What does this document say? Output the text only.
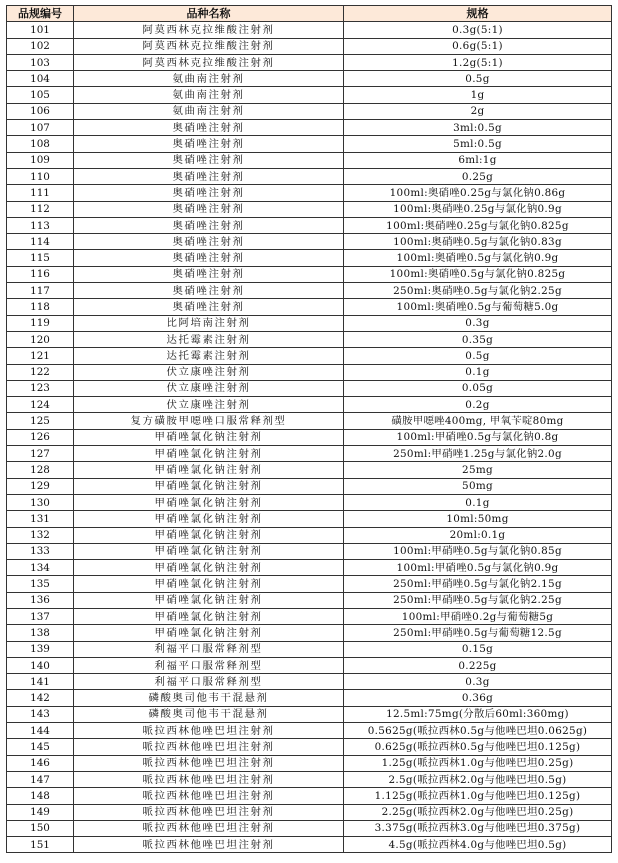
品规编号	品种名称	规格
101	阿莫西林克拉维酸注射剂	0.3g(5:1)
102	阿莫西林克拉维酸注射剂	0.6g(5:1)
103	阿莫西林克拉维酸注射剂	1.2g(5:1)
104	氨曲南注射剂	0.5g
105	氨曲南注射剂	1g
106	氨曲南注射剂	2g
107	奥硝唑注射剂	3ml:0.5g
108	奥硝唑注射剂	5ml:0.5g
109	奥硝唑注射剂	6ml:1g
110	奥硝唑注射剂	0.25g
111	奥硝唑注射剂	100ml:奥硝唑0.25g与氯化钠0.86g
112	奥硝唑注射剂	100ml:奥硝唑0.25g与氯化钠0.9g
113	奥硝唑注射剂	100ml:奥硝唑0.25g与氯化钠0.825g
114	奥硝唑注射剂	100ml:奥硝唑0.5g与氯化钠0.83g
115	奥硝唑注射剂	100ml:奥硝唑0.5g与氯化钠0.9g
116	奥硝唑注射剂	100ml:奥硝唑0.5g与氯化钠0.825g
117	奥硝唑注射剂	250ml:奥硝唑0.5g与氯化钠2.25g
118	奥硝唑注射剂	100ml:奥硝唑0.5g与葡萄糖5.0g
119	比阿培南注射剂	0.3g
120	达托霉素注射剂	0.35g
121	达托霉素注射剂	0.5g
122	伏立康唑注射剂	0.1g
123	伏立康唑注射剂	0.05g
124	伏立康唑注射剂	0.2g
125	复方磺胺甲噁唑口服常释剂型	磺胺甲噁唑400mg, 甲氧苄啶80mg
126	甲硝唑氯化钠注射剂	100ml:甲硝唑0.5g与氯化钠0.8g
127	甲硝唑氯化钠注射剂	250ml:甲硝唑1.25g与氯化钠2.0g
128	甲硝唑氯化钠注射剂	25mg
129	甲硝唑氯化钠注射剂	50mg
130	甲硝唑氯化钠注射剂	0.1g
131	甲硝唑氯化钠注射剂	10ml:50mg
132	甲硝唑氯化钠注射剂	20ml:0.1g
133	甲硝唑氯化钠注射剂	100ml:甲硝唑0.5g与氯化钠0.85g
134	甲硝唑氯化钠注射剂	100ml:甲硝唑0.5g与氯化钠0.9g
135	甲硝唑氯化钠注射剂	250ml:甲硝唑0.5g与氯化钠2.15g
136	甲硝唑氯化钠注射剂	250ml:甲硝唑0.5g与氯化钠2.25g
137	甲硝唑氯化钠注射剂	100ml:甲硝唑0.2g与葡萄糖5g
138	甲硝唑氯化钠注射剂	250ml:甲硝唑0.5g与葡萄糖12.5g
139	利福平口服常释剂型	0.15g
140	利福平口服常释剂型	0.225g
141	利福平口服常释剂型	0.3g
142	磷酸奥司他韦干混悬剂	0.36g
143	磷酸奥司他韦干混悬剂	12.5ml:75mg(分散后60ml:360mg)
144	哌拉西林他唑巴坦注射剂	0.5625g(哌拉西林0.5g与他唑巴坦0.0625g)
145	哌拉西林他唑巴坦注射剂	0.625g(哌拉西林0.5g与他唑巴坦0.125g)
146	哌拉西林他唑巴坦注射剂	1.25g(哌拉西林1.0g与他唑巴坦0.25g)
147	哌拉西林他唑巴坦注射剂	2.5g(哌拉西林2.0g与他唑巴坦0.5g)
148	哌拉西林他唑巴坦注射剂	1.125g(哌拉西林1.0g与他唑巴坦0.125g)
149	哌拉西林他唑巴坦注射剂	2.25g(哌拉西林2.0g与他唑巴坦0.25g)
150	哌拉西林他唑巴坦注射剂	3.375g(哌拉西林3.0g与他唑巴坦0.375g)
151	哌拉西林他唑巴坦注射剂	4.5g(哌拉西林4.0g与他唑巴坦0.5g)
